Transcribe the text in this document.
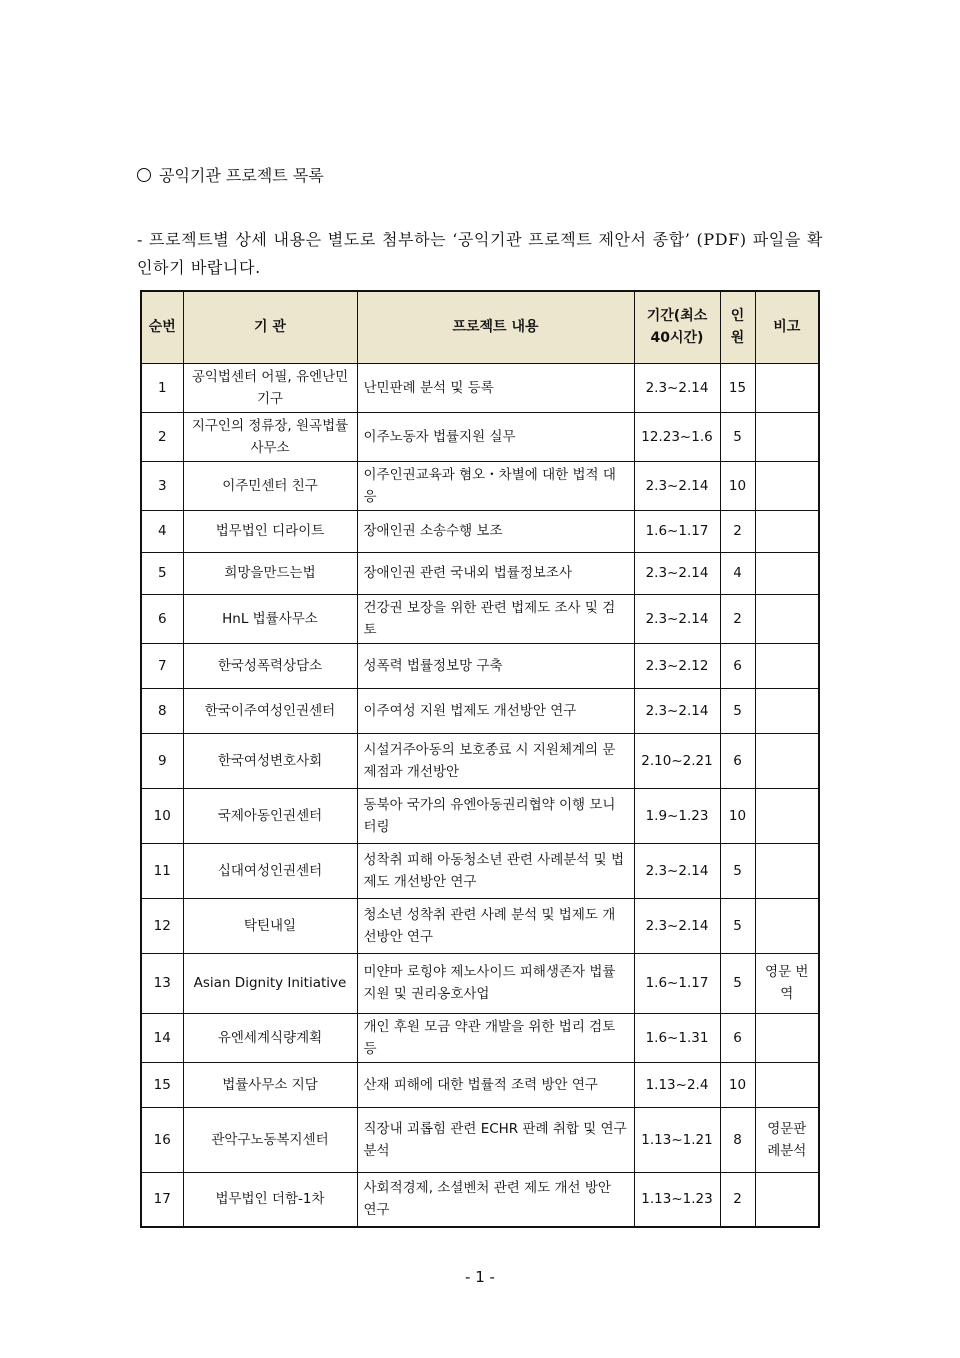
공익기관 프로젝트 목록
- 프로젝트별 상세 내용은 별도로 첨부하는 ‘공익기관 프로젝트 제안서 종합’ (PDF) 파일을 확인하기 바랍니다.
순번	기 관	프로젝트 내용	기간(최소 40시간)	인원	비고
1	공익법센터 어필, 유엔난민기구	난민판례 분석 및 등록	2.3~2.14	15	
2	지구인의 정류장, 원곡법률사무소	이주노동자 법률지원 실무	12.23~1.6	5	
3	이주민센터 친구	이주인권교육과 혐오・차별에 대한 법적 대응	2.3~2.14	10	
4	법무법인 디라이트	장애인권 소송수행 보조	1.6~1.17	2	
5	희망을만드는법	장애인권 관련 국내외 법률정보조사	2.3~2.14	4	
6	HnL 법률사무소	건강권 보장을 위한 관련 법제도 조사 및 검토	2.3~2.14	2	
7	한국성폭력상담소	성폭력 법률정보망 구축	2.3~2.12	6	
8	한국이주여성인권센터	이주여성 지원 법제도 개선방안 연구	2.3~2.14	5	
9	한국여성변호사회	시설거주아동의 보호종료 시 지원체계의 문제점과 개선방안	2.10~2.21	6	
10	국제아동인권센터	동북아 국가의 유엔아동권리협약 이행 모니터링	1.9~1.23	10	
11	십대여성인권센터	성착취 피해 아동청소년 관련 사례분석 및 법제도 개선방안 연구	2.3~2.14	5	
12	탁틴내일	청소년 성착취 관련 사례 분석 및 법제도 개선방안 연구	2.3~2.14	5	
13	Asian Dignity Initiative	미얀마 로힝야 제노사이드 피해생존자 법률지원 및 권리옹호사업	1.6~1.17	5	영문 번역
14	유엔세계식량계획	개인 후원 모금 약관 개발을 위한 법리 검토 등	1.6~1.31	6	
15	법률사무소 지담	산재 피해에 대한 법률적 조력 방안 연구	1.13~2.4	10	
16	관악구노동복지센터	직장내 괴롭힘 관련 ECHR 판례 취합 및 연구분석	1.13~1.21	8	영문판 례분석
17	법무법인 더함-1차	사회적경제, 소셜벤처 관련 제도 개선 방안 연구	1.13~1.23	2	
- 1 -
